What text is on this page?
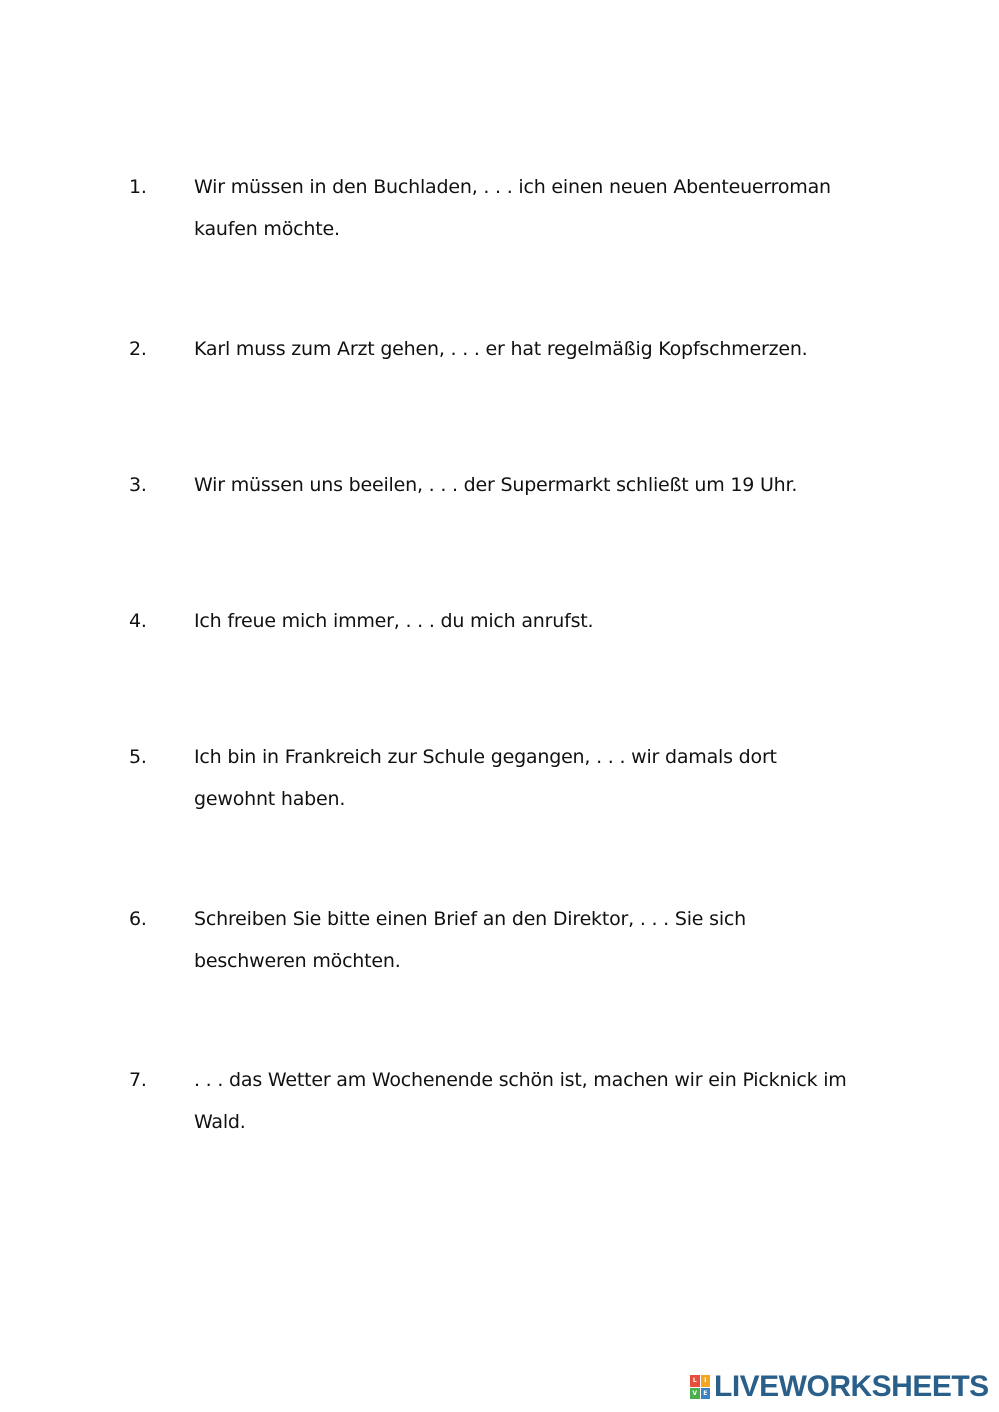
1. Wir müssen in den Buchladen, . . . ich einen neuen Abenteuerroman
kaufen möchte.
2. Karl muss zum Arzt gehen, . . . er hat regelmäßig Kopfschmerzen.
3. Wir müssen uns beeilen, . . . der Supermarkt schließt um 19 Uhr.
4. Ich freue mich immer, . . . du mich anrufst.
5. Ich bin in Frankreich zur Schule gegangen, . . . wir damals dort
gewohnt haben.
6. Schreiben Sie bitte einen Brief an den Direktor, . . . Sie sich
beschweren möchten.
7. . . . das Wetter am Wochenende schön ist, machen wir ein Picknick im
Wald.
L	I
V	E LIVEWORKSHEETS
